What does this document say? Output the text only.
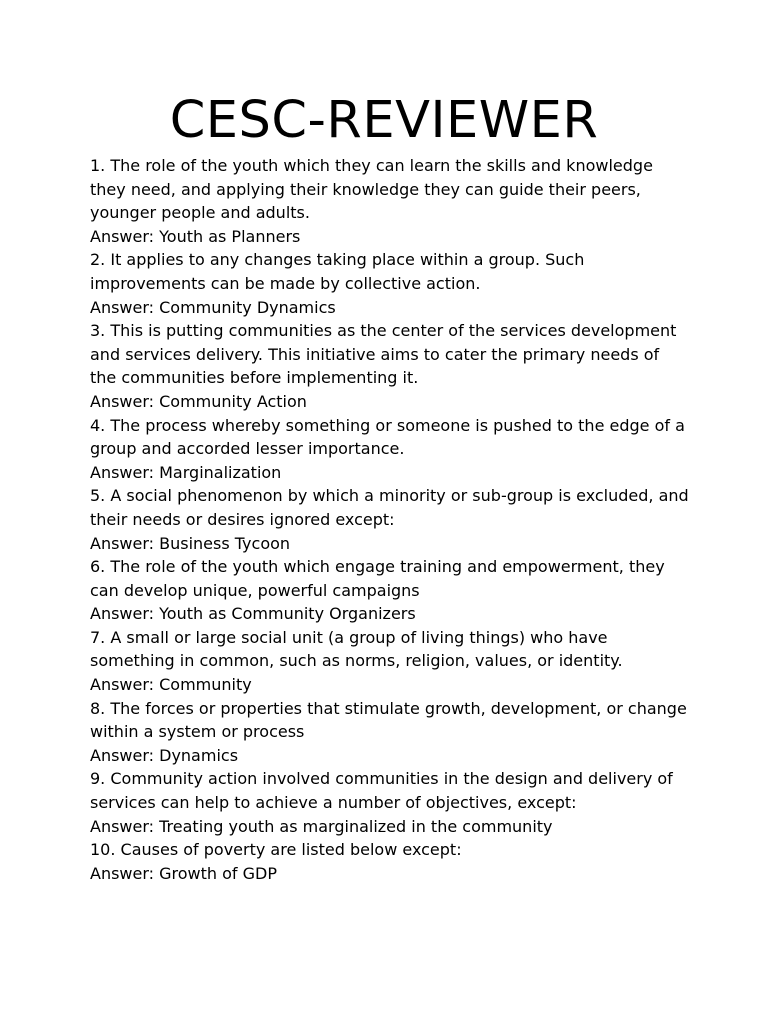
CESC-REVIEWER
1. The role of the youth which they can learn the skills and knowledge they need, and applying their knowledge they can guide their peers, younger people and adults.
Answer: Youth as Planners
2. It applies to any changes taking place within a group. Such improvements can be made by collective action.
Answer: Community Dynamics
3. This is putting communities as the center of the services development and services delivery. This initiative aims to cater the primary needs of the communities before implementing it.
Answer: Community Action
4. The process whereby something or someone is pushed to the edge of a group and accorded lesser importance.
Answer: Marginalization
5. A social phenomenon by which a minority or sub-group is excluded, and their needs or desires ignored except:
Answer: Business Tycoon
6. The role of the youth which engage training and empowerment, they can develop unique, powerful campaigns
Answer: Youth as Community Organizers
7. A small or large social unit (a group of living things) who have something in common, such as norms, religion, values, or identity.
Answer: Community
8. The forces or properties that stimulate growth, development, or change within a system or process
Answer: Dynamics
9. Community action involved communities in the design and delivery of services can help to achieve a number of objectives, except:
Answer: Treating youth as marginalized in the community
10. Causes of poverty are listed below except:
Answer: Growth of GDP
